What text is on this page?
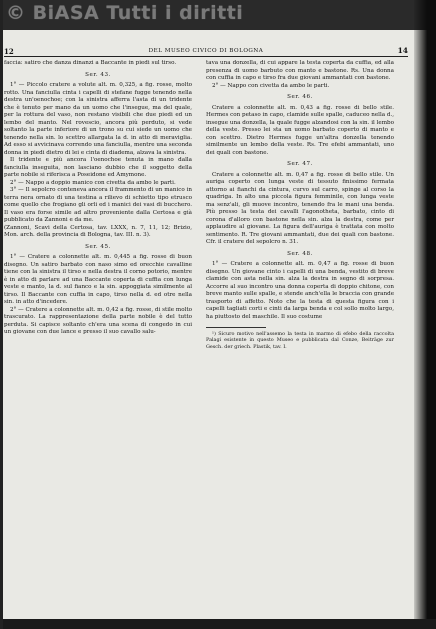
© BiASA Tutti i diritti
12	DEL MUSEO CIVICO DI BOLOGNA	14

faccia: satiro che danza dinanzi a Baccante in piedi sul tirso.

Ser. 43.

1° — Piccolo cratere a volute alt. m. 0,325, a fig. rosse, molto rotto. Una fanciulla cinta i capelli di stefane fugge tenendo nella destra un'oenochoe; con la sinistra afferra l'asta di un tridente che è tenuto per mano da un uomo che l'insegue, ma del quale, per la rottura del vaso, non restano visibili che due piedi ed un lembo del manto. Nel rovescio, ancora più perduto, si vede soltanto la parte inferiore di un trono su cui siede un uomo che tenendo nella sin. lo scettro allargata la d. in atto di meraviglia. Ad esso si avvicinava correndo una fanciulla, mentre una seconda donna in piedi dietro di lei e cinta di diadema, alzava la sinistra.

Il tridente e più ancora l'oenochoe tenuta in mano dalla fanciulla inseguita, non lasciano dubbio che il soggetto della parte nobile si riferisca a Poseidone ed Amymone.

2° — Nappo a doppio manico con civetta da ambo le parti.

3° — Il sepolcro conteneva ancora il frammento di un manico in terra nera ornato di una testina a rilievo di schietto tipo etrusco come quello che frogiano gli orli ed i manici dei vasi di bucchero. Il vaso era forse simile ad altro proveniente dalla Certosa e già pubblicato da Zannoni e da me.

(Zannoni, Scavi della Certosa, tav. LXXX, n. 7, 11, 12; Brizio, Mon. arch. della provincia di Bologna, tav. III. n. 3).

Ser. 45.

1° — Cratere a colonnette alt. m. 0,445 a fig. rosse di buon disegno. Un satiro barbato con naso simo ed orecchie cavalline tiene con la sinistra il tirso e nella destra il corno potorio, mentre è in atto di parlare ad una Baccante coperta di cuffia con lunga veste e manto, la d. sul fianco e la sin. appoggiata similmente al tirso. Il Baccante con cuffia in capo, tirso nella d. ed otre nella sin. in atto d'incedere.

2° — Cratere a colonnette alt. m. 0,42 a fig. rosse, di stile molto trascurato. La rappresentazione della parte nobile è del tutto perduta. Si capisce soltanto ch'era una scena di congedo in cui un giovane con due lance e presso il suo cavallo salu-

tava una donzella, di cui appare la testa coperta da cuffia, ed alla presenza di uomo barbuto con manto e bastone. Rs. Una donna con cuffia in capo e tirso fra due giovani ammantati con bastone.

2° — Nappo con civetta da ambo le parti.

Ser. 46.

Cratere a colonnette alt. m. 0,43 a fig. rosse di bello stile. Hermes con petaso in capo, clamide sulle spalle, caduceo nella d., insegue una donzella, la quale fugge alzandosi con la sin. il lembo della veste. Presso lei sta un uomo barbato coperto di manto e con scettro. Dietro Hermes fugge un'altra donzella tenendo similmente un lembo della veste. Rs. Tre efebi ammantati, uno dei quali con bastone.

Ser. 47.

Cratere a colonnette alt. m. 0,47 a fig. rosse di bello stile. Un auriga coperto con lunga veste di tessuto finissimo fermata attorno ai fianchi da cintura, curvo sul carro, spinge al corso la quadriga. In alto una piccola figura femminile, con lunga veste ma senz'ali, gli muove incontro, tenendo fra le mani una benda. Più presso la testa dei cavalli l'agonotheta, barbato, cinto di corona d'alloro con bastone nella sin. alza la destra, come per applaudire al giovane. La figura dell'auriga è trattata con molto sentimento. R. Tre giovani ammantati, due dei quali con bastone. Cfr. il cratere del sepolcro n. 31.

Ser. 48.

1° — Cratere a colonnette alt. m. 0,47 a fig. rosse di buon disegno. Un giovane cinto i capelli di una benda, vestito di breve clamide con asta nella sin. alza la destra in segno di sorpresa. Accorre al suo incontro una donna coperta di doppio chitone, con breve manto sulle spalle, e stende anch'ella le braccia con grande trasporto di affetto. Noto che la testa di questa figura con i capelli tagliati corti e cinti da larga benda e col sollo molto largo, ha piuttosto del maschile. Il suo costume

¹) Sicuro motivo nell'assemo la testa in marmo di efebo della raccolta Palagi esistente in questo Museo e pubblicata dal Conze, Beiträge zur Gesch. der griech. Plastik, tav. I.
